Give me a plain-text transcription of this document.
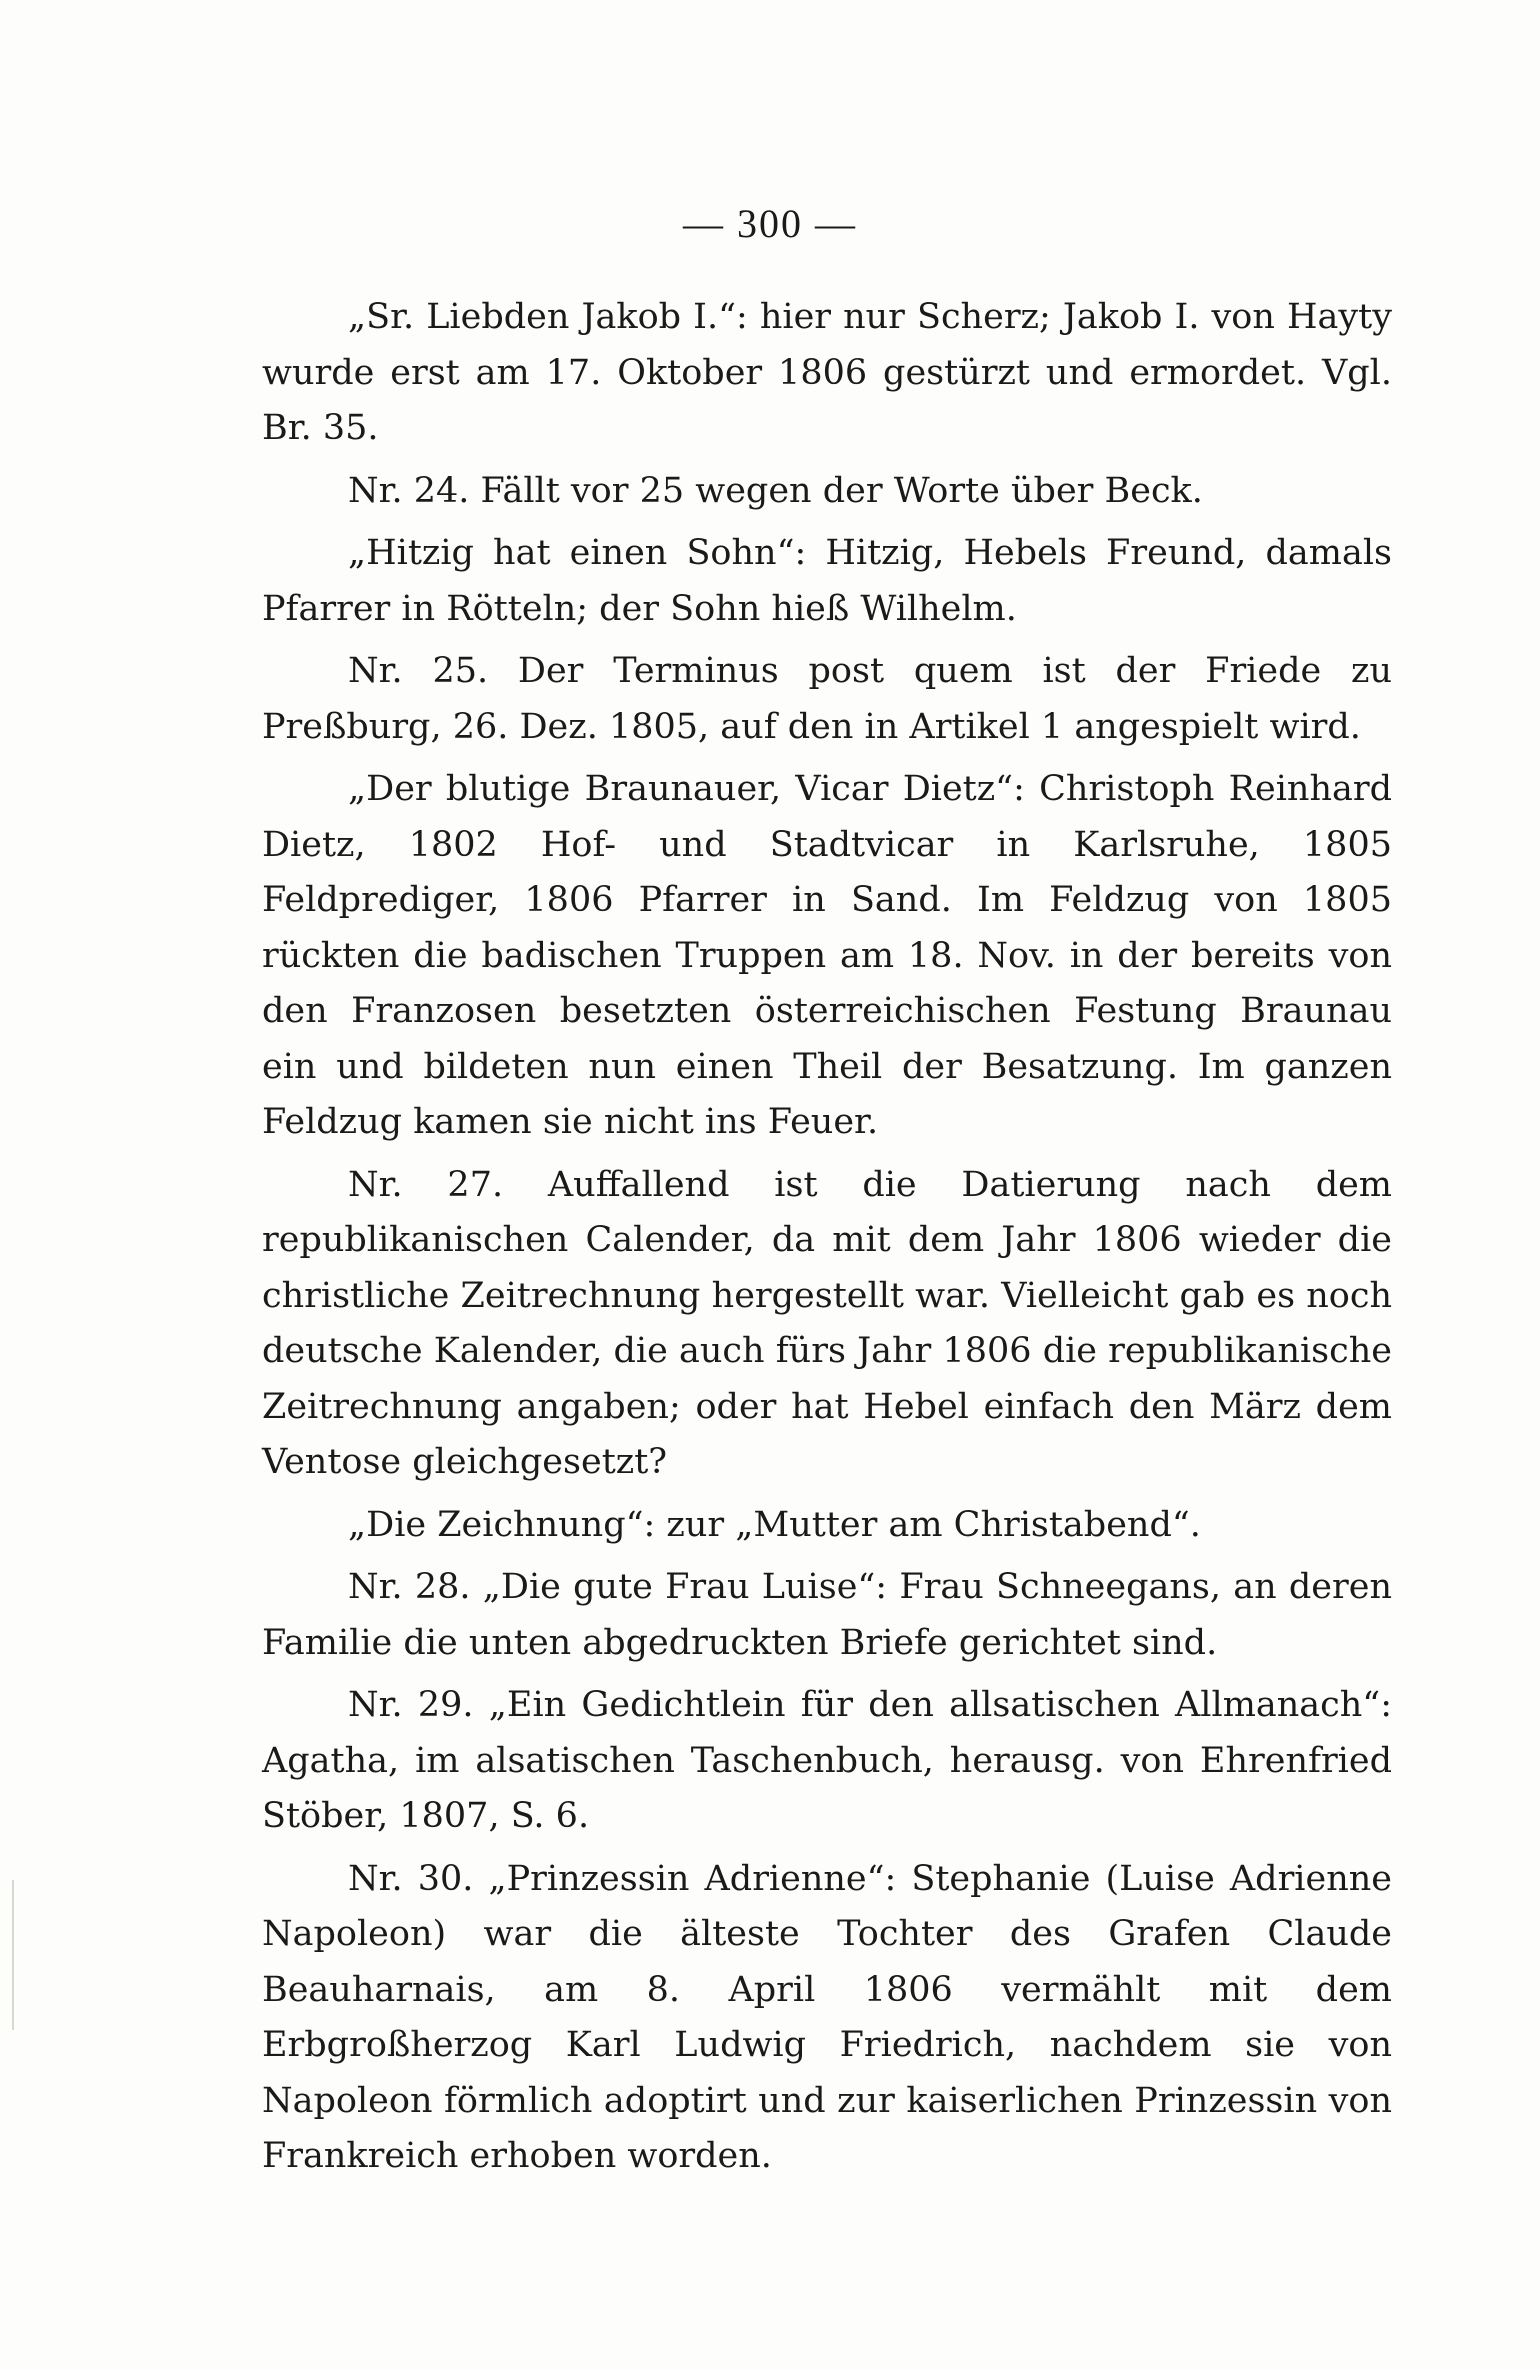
— 300 —

„Sr. Liebden Jakob I.“: hier nur Scherz; Jakob I. von Hayty wurde erst am 17. Oktober 1806 gestürzt und ermordet. Vgl. Br. 35.

Nr. 24. Fällt vor 25 wegen der Worte über Beck.

„Hitzig hat einen Sohn“: Hitzig, Hebels Freund, damals Pfarrer in Rötteln; der Sohn hieß Wilhelm.

Nr. 25. Der Terminus post quem ist der Friede zu Preßburg, 26. Dez. 1805, auf den in Artikel 1 angespielt wird.

„Der blutige Braunauer, Vicar Dietz“: Christoph Reinhard Dietz, 1802 Hof- und Stadtvicar in Karlsruhe, 1805 Feldprediger, 1806 Pfarrer in Sand. Im Feldzug von 1805 rückten die badischen Truppen am 18. Nov. in der bereits von den Franzosen besetzten österreichischen Festung Braunau ein und bildeten nun einen Theil der Besatzung. Im ganzen Feldzug kamen sie nicht ins Feuer.

Nr. 27. Auffallend ist die Datierung nach dem republikanischen Calender, da mit dem Jahr 1806 wieder die christliche Zeitrechnung hergestellt war. Vielleicht gab es noch deutsche Kalender, die auch fürs Jahr 1806 die republikanische Zeitrechnung angaben; oder hat Hebel einfach den März dem Ventose gleichgesetzt?

„Die Zeichnung“: zur „Mutter am Christabend“.

Nr. 28. „Die gute Frau Luise“: Frau Schneegans, an deren Familie die unten abgedruckten Briefe gerichtet sind.

Nr. 29. „Ein Gedichtlein für den allsatischen Allmanach“: Agatha, im alsatischen Taschenbuch, herausg. von Ehrenfried Stöber, 1807, S. 6.

Nr. 30. „Prinzessin Adrienne“: Stephanie (Luise Adrienne Napoleon) war die älteste Tochter des Grafen Claude Beauharnais, am 8. April 1806 vermählt mit dem Erbgroßherzog Karl Ludwig Friedrich, nachdem sie von Napoleon förmlich adoptirt und zur kaiserlichen Prinzessin von Frankreich erhoben worden.
